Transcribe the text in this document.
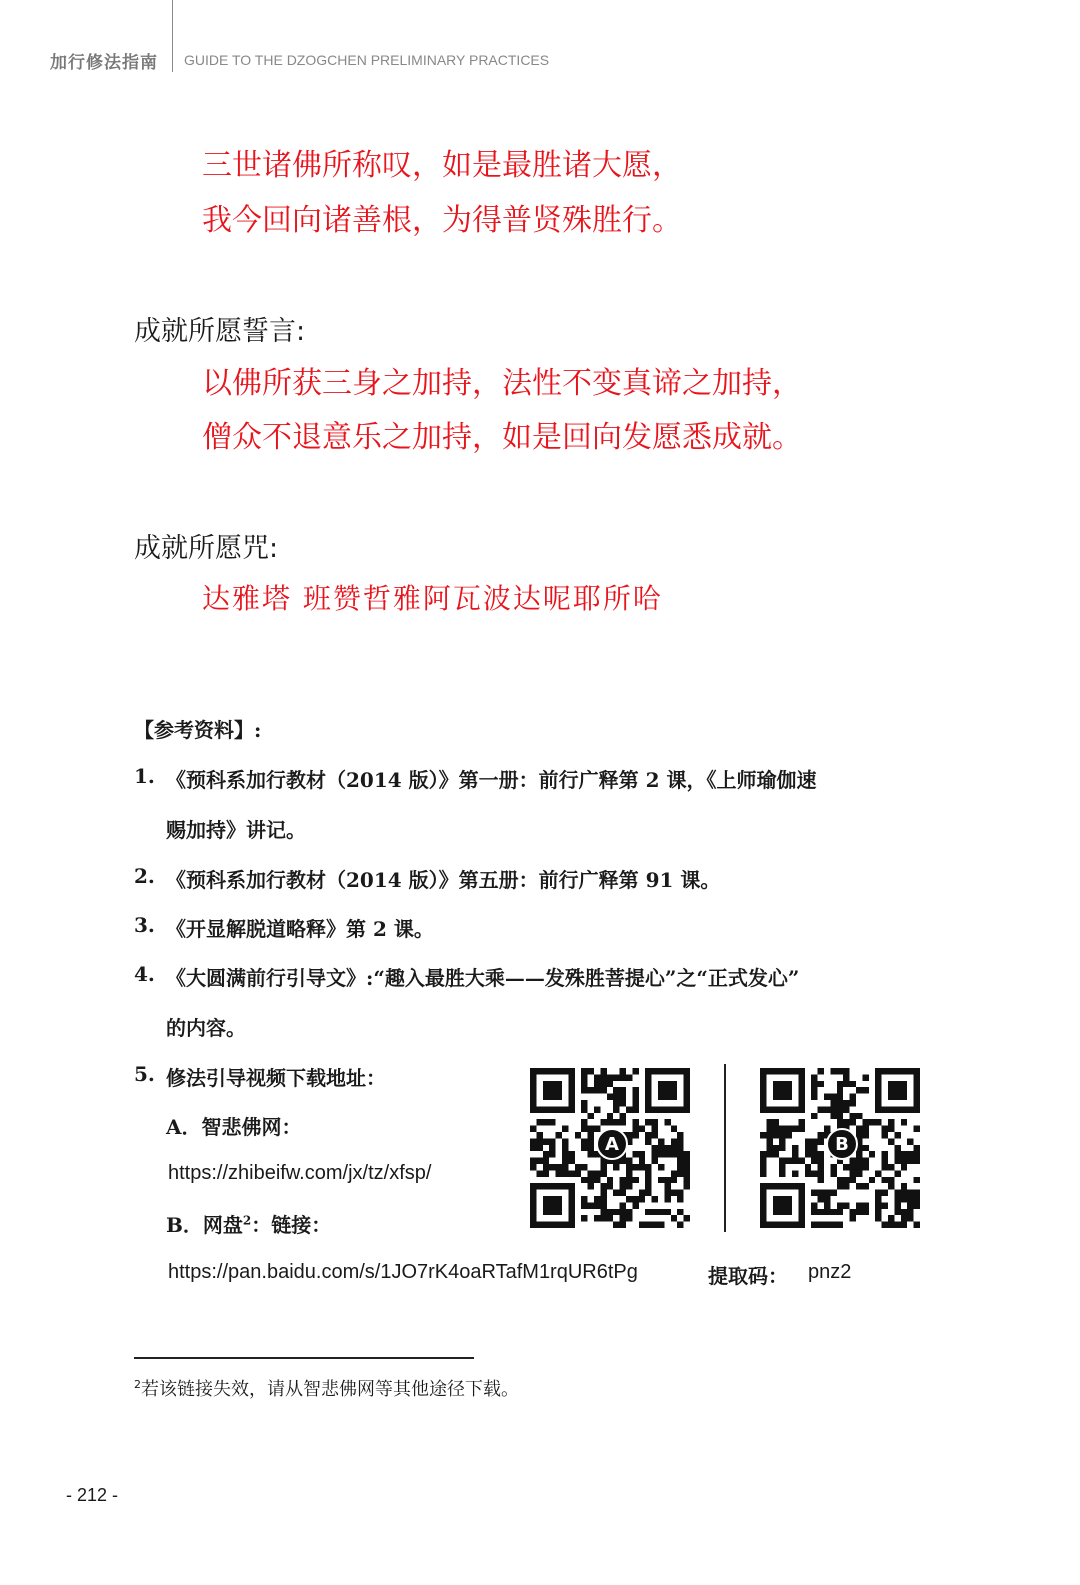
加行修法指南 GUIDE TO THE DZOGCHEN PRELIMINARY PRACTICES
三世诸佛所称叹，如是最胜诸大愿，
我今回向诸善根，为得普贤殊胜行。
成就所愿誓言:
以佛所获三身之加持，法性不变真谛之加持，
僧众不退意乐之加持，如是回向发愿悉成就。
成就所愿咒:
达雅塔 班赞哲雅阿瓦波达呢耶所哈
【参考资料】:
1. 《预科系加行教材（2014 版）》第一册：前行广释第 2 课，《上师瑜伽速
赐加持》讲记。
2. 《预科系加行教材（2014 版）》第五册：前行广释第 91 课。
3. 《开显解脱道略释》第 2 课。
4. 《大圆满前行引导文》:“趣入最胜大乘——发殊胜菩提心”之“正式发心”
的内容。
5. 修法引导视频下载地址：
A．智悲佛网：
https://zhibeifw.com/jx/tz/xfsp/
B．网盘$^2$：链接：
https://pan.baidu.com/s/1JO7rK4oaRTafM1rqUR6tPg	提取码： pnz2
A	B
$^2$若该链接失效，请从智悲佛网等其他途径下载。
- 212 -
